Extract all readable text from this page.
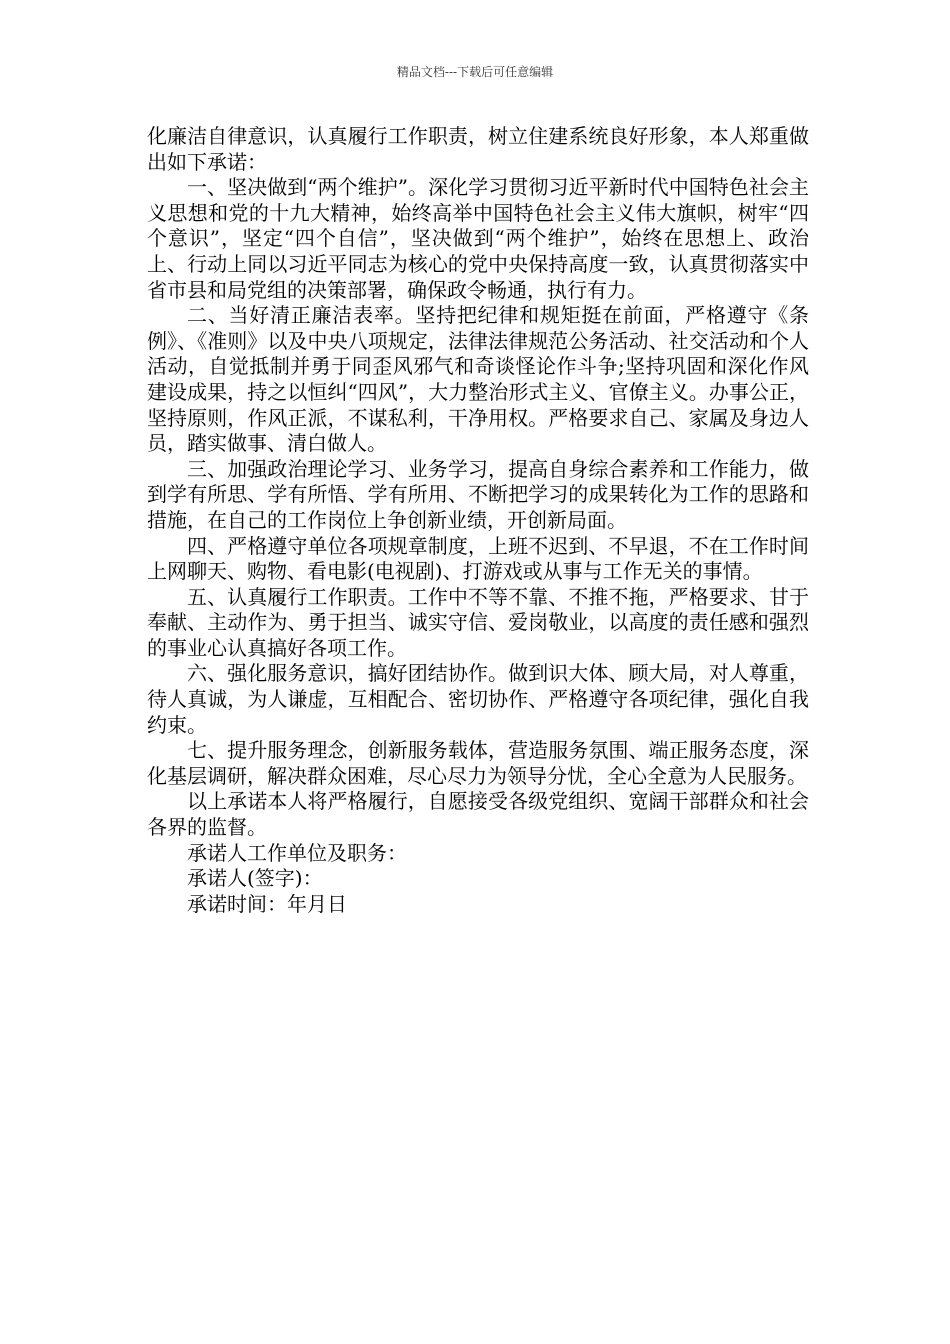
精品文档---下载后可任意编辑

化廉洁自律意识，认真履行工作职责，树立住建系统良好形象，本人郑重做出如下承诺：

一、坚决做到“两个维护”。深化学习贯彻习近平新时代中国特色社会主义思想和党的十九大精神，始终高举中国特色社会主义伟大旗帜，树牢“四个意识”，坚定“四个自信”，坚决做到“两个维护”，始终在思想上、政治上、行动上同以习近平同志为核心的党中央保持高度一致，认真贯彻落实中省市县和局党组的决策部署，确保政令畅通，执行有力。

二、当好清正廉洁表率。坚持把纪律和规矩挺在前面，严格遵守《条例》、《准则》以及中央八项规定，法律法律规范公务活动、社交活动和个人活动，自觉抵制并勇于同歪风邪气和奇谈怪论作斗争;坚持巩固和深化作风建设成果，持之以恒纠“四风”，大力整治形式主义、官僚主义。办事公正，坚持原则，作风正派，不谋私利，干净用权。严格要求自己、家属及身边人员，踏实做事、清白做人。

三、加强政治理论学习、业务学习，提高自身综合素养和工作能力，做到学有所思、学有所悟、学有所用、不断把学习的成果转化为工作的思路和措施，在自己的工作岗位上争创新业绩，开创新局面。

四、严格遵守单位各项规章制度，上班不迟到、不早退，不在工作时间上网聊天、购物、看电影(电视剧)、打游戏或从事与工作无关的事情。

五、认真履行工作职责。工作中不等不靠、不推不拖，严格要求、甘于奉献、主动作为、勇于担当、诚实守信、爱岗敬业，以高度的责任感和强烈的事业心认真搞好各项工作。

六、强化服务意识，搞好团结协作。做到识大体、顾大局，对人尊重，待人真诚，为人谦虚，互相配合、密切协作、严格遵守各项纪律，强化自我约束。

七、提升服务理念，创新服务载体，营造服务氛围、端正服务态度，深化基层调研，解决群众困难，尽心尽力为领导分忧，全心全意为人民服务。

以上承诺本人将严格履行，自愿接受各级党组织、宽阔干部群众和社会各界的监督。

承诺人工作单位及职务：

承诺人(签字)：

承诺时间：年月日
